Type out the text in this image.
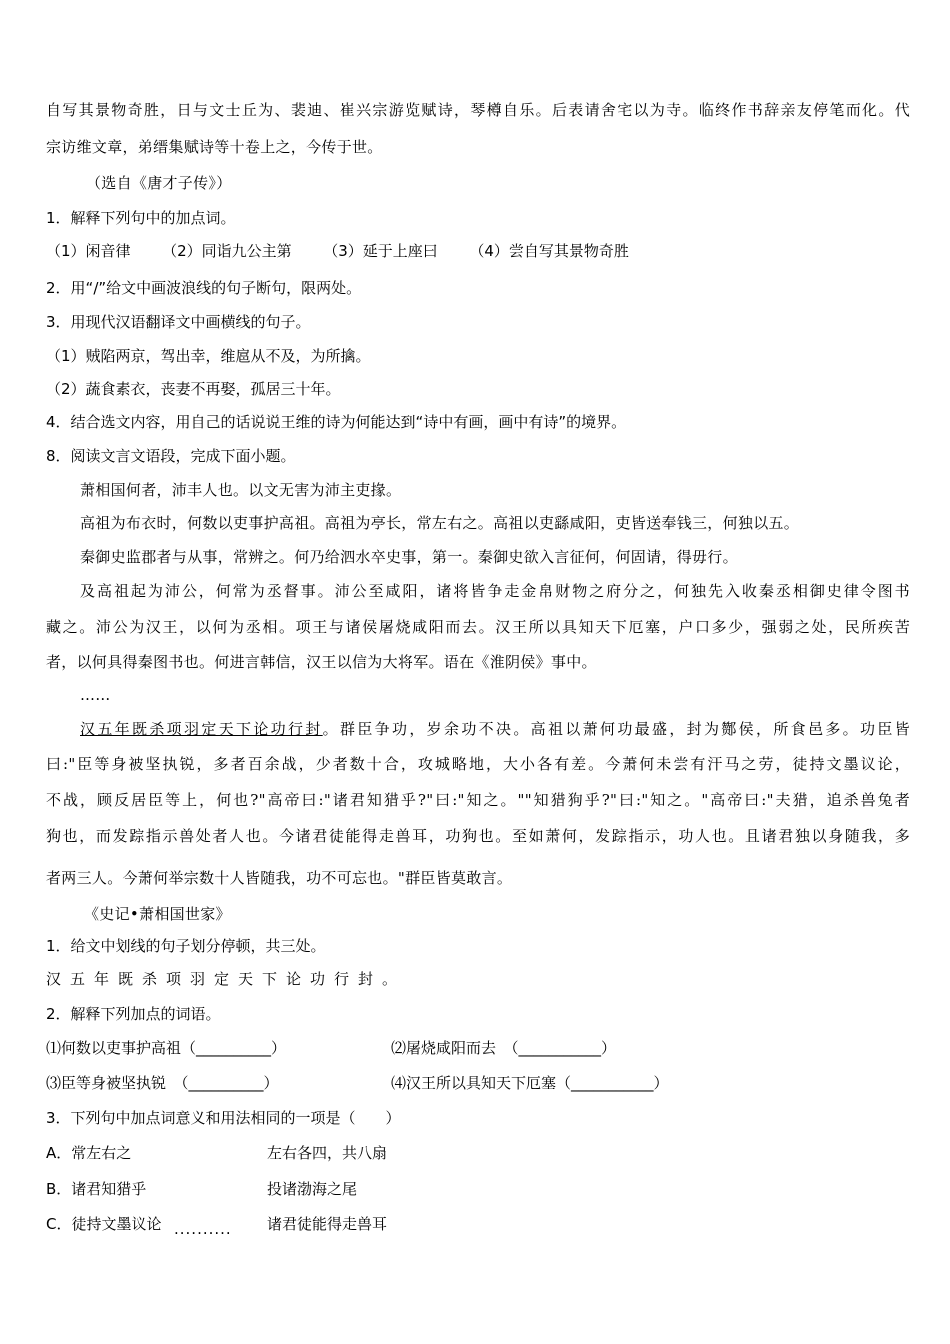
自写其景物奇胜，日与文士丘为、裴迪、崔兴宗游览赋诗，琴樽自乐。后表请舍宅以为寺。临终作书辞亲友停笔而化。代
宗访维文章，弟缙集赋诗等十卷上之，今传于世。
（选自《唐才子传》）
1．解释下列句中的加点词。
（1）闲音律 （2）同诣九公主第 （3）延于上座曰 （4）尝自写其景物奇胜
2．用“/”给文中画波浪线的句子断句，限两处。
3．用现代汉语翻译文中画横线的句子。
（1）贼陷两京，驾出幸，维扈从不及，为所擒。
（2）蔬食素衣，丧妻不再娶，孤居三十年。
4．结合选文内容，用自己的话说说王维的诗为何能达到“诗中有画，画中有诗”的境界。
8．阅读文言文语段，完成下面小题。
萧相国何者，沛丰人也。以文无害为沛主吏掾。
高祖为布衣时，何数以吏事护高祖。高祖为亭长，常左右之。高祖以吏繇咸阳，吏皆送奉钱三，何独以五。
秦御史监郡者与从事，常辨之。何乃给泗水卒史事，第一。秦御史欲入言征何，何固请，得毋行。
及高祖起为沛公，何常为丞督事。沛公至咸阳，诸将皆争走金帛财物之府分之，何独先入收秦丞相御史律令图书
藏之。沛公为汉王，以何为丞相。项王与诸侯屠烧咸阳而去。汉王所以具知天下厄塞，户口多少，强弱之处，民所疾苦
者，以何具得秦图书也。何进言韩信，汉王以信为大将军。语在《淮阴侯》事中。
……
汉五年既杀项羽定天下论功行封。群臣争功，岁余功不决。高祖以萧何功最盛，封为酂侯，所食邑多。功臣皆
曰:"臣等身被坚执锐，多者百余战，少者数十合，攻城略地，大小各有差。今萧何未尝有汗马之劳，徒持文墨议论，
不战，顾反居臣等上，何也?"高帝曰:"诸君知猎乎?"曰:"知之。""知猎狗乎?"曰:"知之。"高帝曰:"夫猎，追杀兽兔者
狗也，而发踪指示兽处者人也。今诸君徒能得走兽耳，功狗也。至如萧何，发踪指示，功人也。且诸君独以身随我，多
者两三人。今萧何举宗数十人皆随我，功不可忘也。"群臣皆莫敢言。
《史记•萧相国世家》
1．给文中划线的句子划分停顿，共三处。
汉五年既杀项羽定天下论功行封。
2．解释下列加点的词语。
⑴何数以吏事护高祖（__________）	⑵屠烧咸阳而去　（___________）
⑶臣等身被坚执锐　（__________）	⑷汉王所以具知天下厄塞（___________）
3．下列句中加点词意义和用法相同的一项是（　　）
A．常左右之	左右各四，共八扇
B．诸君知猎乎	投诸渤海之尾
C．徒持文墨议论 ..........	诸君徒能得走兽耳
